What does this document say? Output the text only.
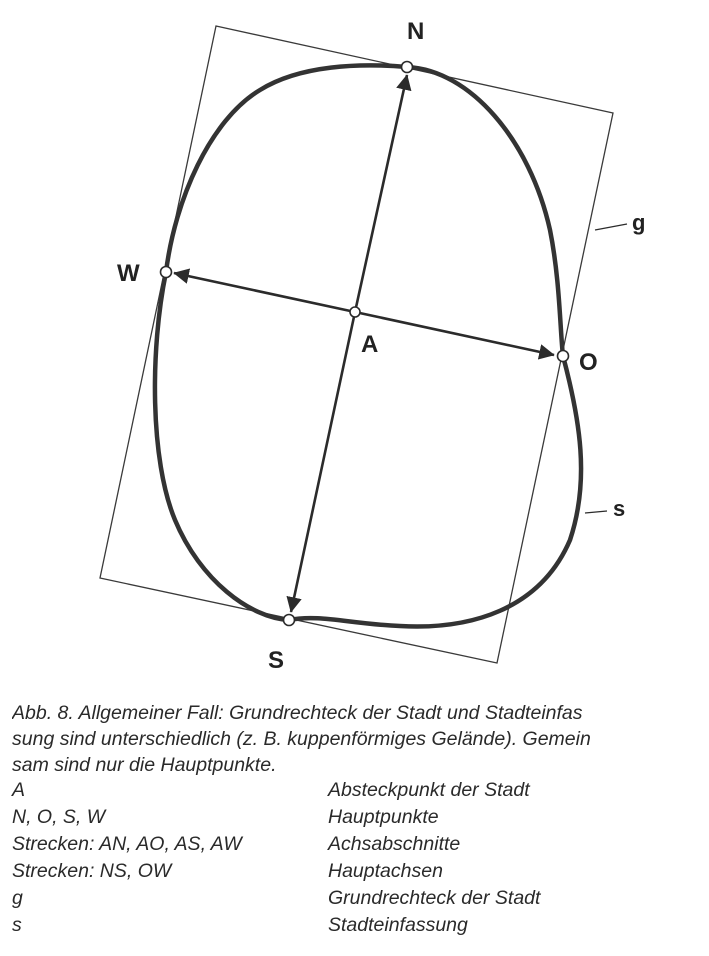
N
S
W
O
A
g
s
Abb. 8. Allgemeiner Fall: Grundrechteck der Stadt und Stadteinfas
sung sind unterschiedlich (z. B. kuppenförmiges Gelände). Gemein
sam sind nur die Hauptpunkte.
A	Absteckpunkt der Stadt
N, O, S, W	Hauptpunkte
Strecken: AN, AO, AS, AW	Achsabschnitte
Strecken: NS, OW	Hauptachsen
g	Grundrechteck der Stadt
s	Stadteinfassung
